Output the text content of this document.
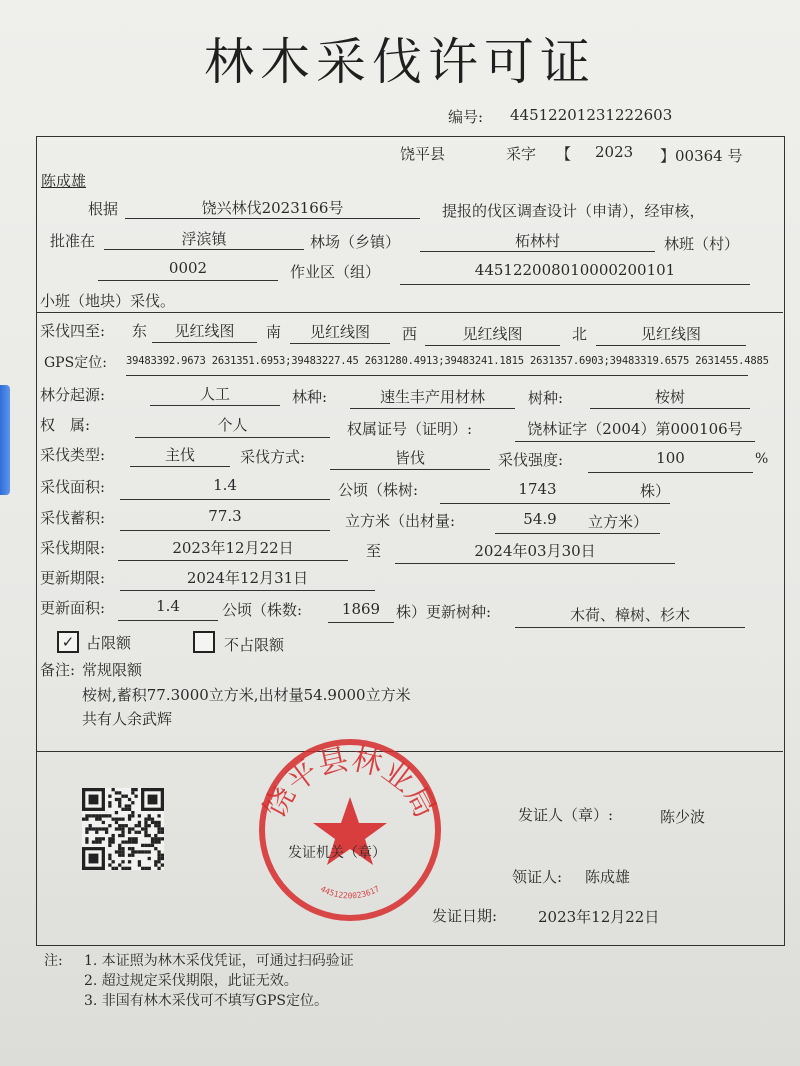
林木采伐许可证
编号: 44512201231222603
饶平县	采字 【 2023 】00364 号
陈成雄
根据	饶兴林伐2023166号	提报的伐区调查设计（申请），经审核，
批准在	浮滨镇	林场（乡镇）	柘林村	林班（村）
0002	作业区（组）	445122008010000200101
小班（地块）采伐。
采伐四至: 东	见红线图	南	见红线图	西	见红线图	北	见红线图
GPS定位: 39483392.9673 2631351.6953;39483227.45 2631280.4913;39483241.1815 2631357.6903;39483319.6575 2631455.4885
林分起源:	人工	林种:	速生丰产用材林	树种:	桉树
权　属:	个人	权属证号（证明）:	饶林证字（2004）第000106号
采伐类型:	主伐	采伐方式:	皆伐	采伐强度:	100	%
采伐面积:	1.4	公顷（株树:	1743	株）
采伐蓄积:	77.3	立方米（出材量:	54.9	立方米）
采伐期限:	2023年12月22日	至	2024年03月30日
更新期限:	2024年12月31日
更新面积:	1.4	公顷（株数:	1869	株）更新树种:	木荷、樟树、杉木
✓ 占限额	不占限额
备注: 常规限额
桉树,蓄积77.3000立方米,出材量54.9000立方米
共有人余武辉
饶平县林业局
4451220023617
发证机关（章）
发证人（章）:	陈少波
领证人: 陈成雄
发证日期:	2023年12月22日
注: 1. 本证照为林木采伐凭证，可通过扫码验证
2. 超过规定采伐期限，此证无效。
3. 非国有林木采伐可不填写GPS定位。
